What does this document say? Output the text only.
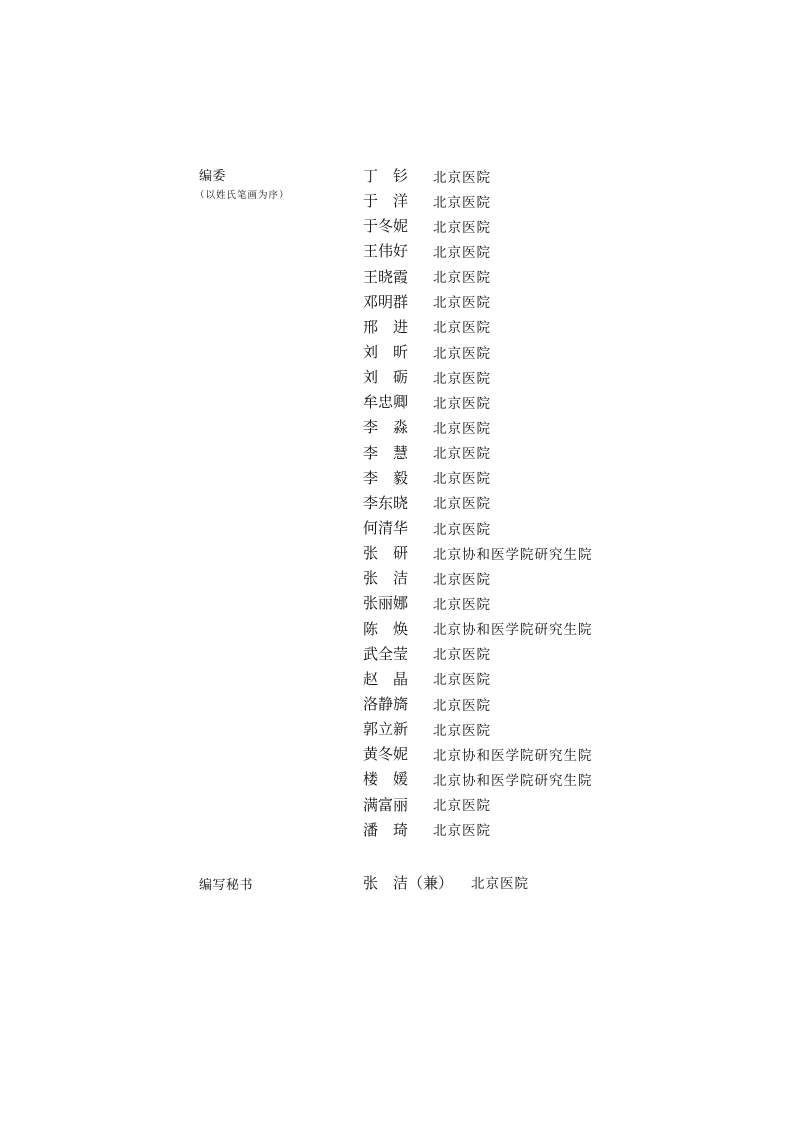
编委
（以姓氏笔画为序）
丁　钐	北京医院
于　洋	北京医院
于冬妮	北京医院
王伟好	北京医院
王晓霞	北京医院
邓明群	北京医院
邢　进	北京医院
刘　昕	北京医院
刘　砺	北京医院
牟忠卿	北京医院
李　淼	北京医院
李　慧	北京医院
李　毅	北京医院
李东晓	北京医院
何清华	北京医院
张　研	北京协和医学院研究生院
张　洁	北京医院
张丽娜	北京医院
陈　焕	北京协和医学院研究生院
武全莹	北京医院
赵　晶	北京医院
洛静旖	北京医院
郭立新	北京医院
黄冬妮	北京协和医学院研究生院
楼　媛	北京协和医学院研究生院
满富丽	北京医院
潘　琦	北京医院
编写秘书	张　洁（兼） 北京医院
